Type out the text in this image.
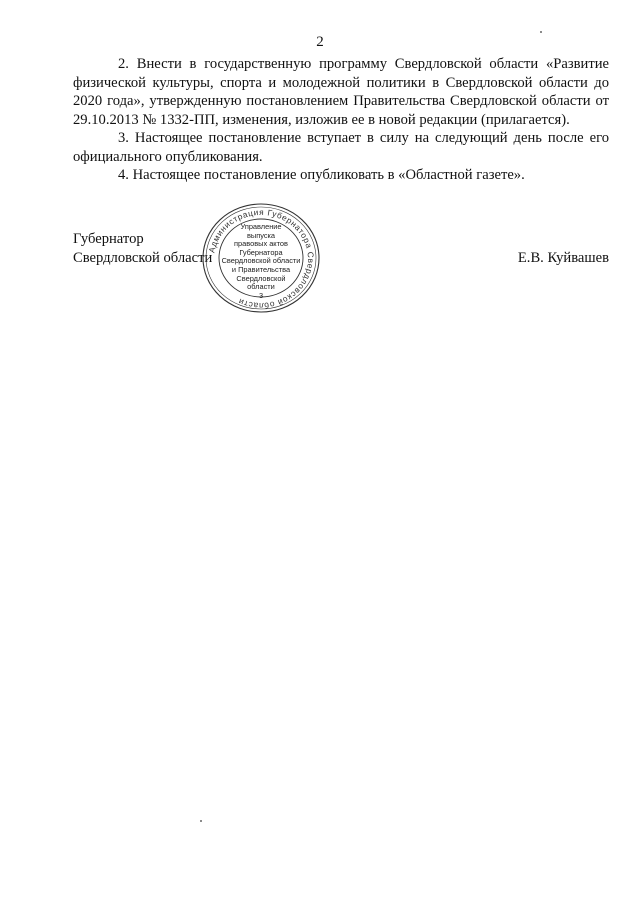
2

2. Внести в государственную программу Свердловской области «Развитие физической культуры, спорта и молодежной политики в Свердловской области до 2020 года», утвержденную постановлением Правительства Свердловской области от 29.10.2013 № 1332-ПП, изменения, изложив ее в новой редакции (прилагается).

3. Настоящее постановление вступает в силу на следующий день после его официального опубликования.

4. Настоящее постановление опубликовать в «Областной газете».

Губернатор
Свердловской области
Администрация Губернатора Свердловской области
Управление
выпуска
правовых актов
Губернатора
Свердловской области
и Правительства
Свердловской
области
3
Е.В. Куйвашев
